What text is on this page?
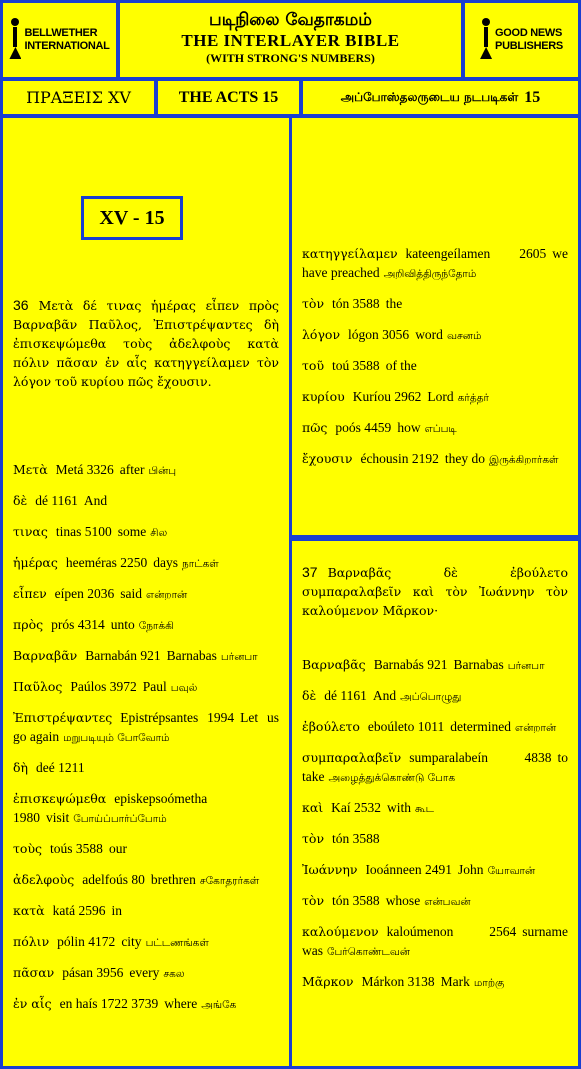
BELLWETHER
INTERNATIONAL
படிநிலை வேதாகமம்
THE INTERLAYER BIBLE
(WITH STRONG'S NUMBERS)
GOOD NEWS
PUBLISHERS
ΠΡΑΞΕΙΣ XV	THE ACTS
15	அப்போஸ்தலருடைய நடபடிகள் 15
XV - 15
36 Μετὰ δέ τινας ἡμέρας εἶπεν πρὸς Βαρναβᾶν Παῦλος, Ἐπιστρέψαντες δὴ ἐπισκεψώμεθα τοὺς ἀδελφοὺς κατὰ πόλιν πᾶσαν ἐν αἷς κατηγγείλαμεν τὸν λόγον τοῦ κυρίου πῶς ἔχουσιν.
Μετὰ Metá 3326 after பின்பு
δὲ dé 1161 And
τινας tinas 5100 some சில
ἡμέρας heeméras 2250 days நாட்கள்
εἶπεν eípen 2036 said என்றான்
πρὸς prós 4314 unto நோக்கி
Βαρναβᾶν Barnabán 921 Barnabas பர்னபா
Παῦλος Paúlos 3972 Paul பவுல்
Ἐπιστρέψαντες Epistrépsantes 1994 Let us go again மறுபடியும் போவோம்
δὴ deé 1211
ἐπισκεψώμεθα episkepsoómetha 1980 visit போய்ப்பார்ப்போம்
τοὺς toús 3588 our
ἀδελφοὺς adelfoús 80 brethren சகோதரர்கள்
κατὰ katá 2596 in
πόλιν pólin 4172 city பட்டணங்கள்
πᾶσαν pásan 3956 every சகல
ἐν αἷς en haís 1722 3739 where அங்கே
κατηγγείλαμεν kateengeílamen 2605 we have preached அறிவித்திருந்தோம்
τὸν tón 3588 the
λόγον lógon 3056 word வசனம்
τοῦ toú 3588 of the
κυρίου Kuríou 2962 Lord கர்த்தர்
πῶς poós 4459 how எப்படி
ἔχουσιν échousin 2192 they do இருக்கிறார்கள்
37 Βαρναβᾶς δὲ ἐβούλετο συμπαραλαβεῖν καὶ τὸν Ἰωάννην τὸν καλούμενον Μᾶρκον·
Βαρναβᾶς Barnabás 921 Barnabas பர்னபா
δὲ dé 1161 And அப்பொழுது
ἐβούλετο ebоúleto 1011 determined என்றான்
συμπαραλαβεῖν sumparalabeín 4838 to take அழைத்துக்கொண்டு போக
καὶ Kaí 2532 with கூட
τὸν tón 3588
Ἰωάννην Iooánneen 2491 John யோவான்
τὸν tón 3588 whose என்பவன்
καλούμενον kaloúmenon 2564 surname was பேர்கொண்டவன்
Μᾶρκον Márkon 3138 Mark மாற்கு
